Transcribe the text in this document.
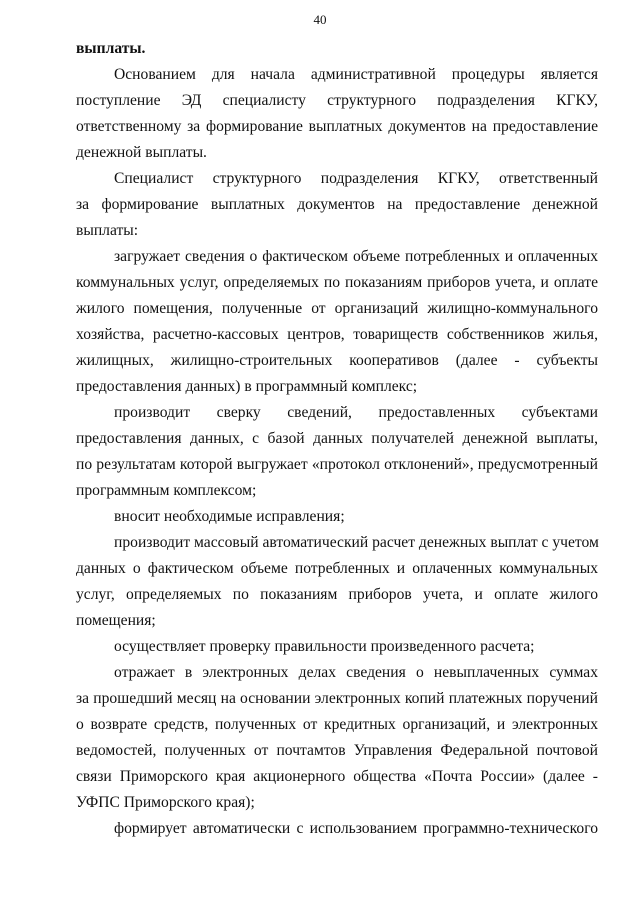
40
выплаты.
Основанием для начала административной процедуры является
поступление ЭД специалисту структурного подразделения КГКУ,
ответственному за формирование выплатных документов на предоставление
денежной выплаты.
Специалист структурного подразделения КГКУ, ответственный
за формирование выплатных документов на предоставление денежной
выплаты:
загружает сведения о фактическом объеме потребленных и оплаченных
коммунальных услуг, определяемых по показаниям приборов учета, и оплате
жилого помещения, полученные от организаций жилищно-коммунального
хозяйства, расчетно-кассовых центров, товариществ собственников жилья,
жилищных, жилищно-строительных кооперативов (далее - субъекты
предоставления данных) в программный комплекс;
производит сверку сведений, предоставленных субъектами
предоставления данных, с базой данных получателей денежной выплаты,
по результатам которой выгружает «протокол отклонений», предусмотренный
программным комплексом;
вносит необходимые исправления;
производит массовый автоматический расчет денежных выплат с учетом
данных о фактическом объеме потребленных и оплаченных коммунальных
услуг, определяемых по показаниям приборов учета, и оплате жилого
помещения;
осуществляет проверку правильности произведенного расчета;
отражает в электронных делах сведения о невыплаченных суммах
за прошедший месяц на основании электронных копий платежных поручений
о возврате средств, полученных от кредитных организаций, и электронных
ведомостей, полученных от почтамтов Управления Федеральной почтовой
связи Приморского края акционерного общества «Почта России» (далее -
УФПС Приморского края);
формирует автоматически с использованием программно-технического
